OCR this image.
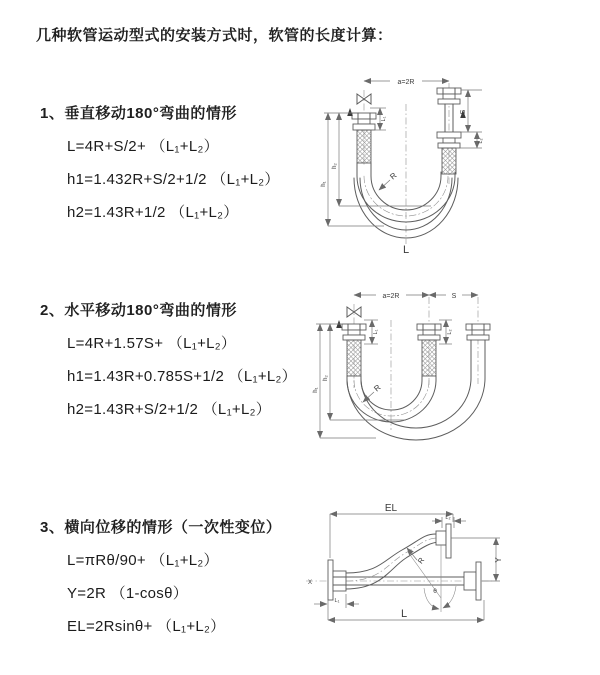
几种软管运动型式的安装方式时，软管的长度计算：
1、垂直移动180°弯曲的情形
L=4R+S/2+ （L₁+L₂）
h1=1.432R+S/2+1/2 （L₁+L₂）
h2=1.43R+1/2 （L₁+L₂）
2、水平移动180°弯曲的情形
L=4R+1.57S+ （L₁+L₂）
h1=1.43R+0.785S+1/2 （L₁+L₂）
h2=1.43R+S/2+1/2 （L₁+L₂）
3、横向位移的情形（一次性变位）
L=πRθ/90+ （L₁+L₂）
Y=2R （1-cosθ）
EL=2Rsinθ+ （L₁+L₂）
a=2R
h₁
h₂
L₁
S
L₂
R
L
a=2R	S
L₁	L₂
h₁
h₂
R
X
EL
L₂
θ
R	Y
L₁
L
